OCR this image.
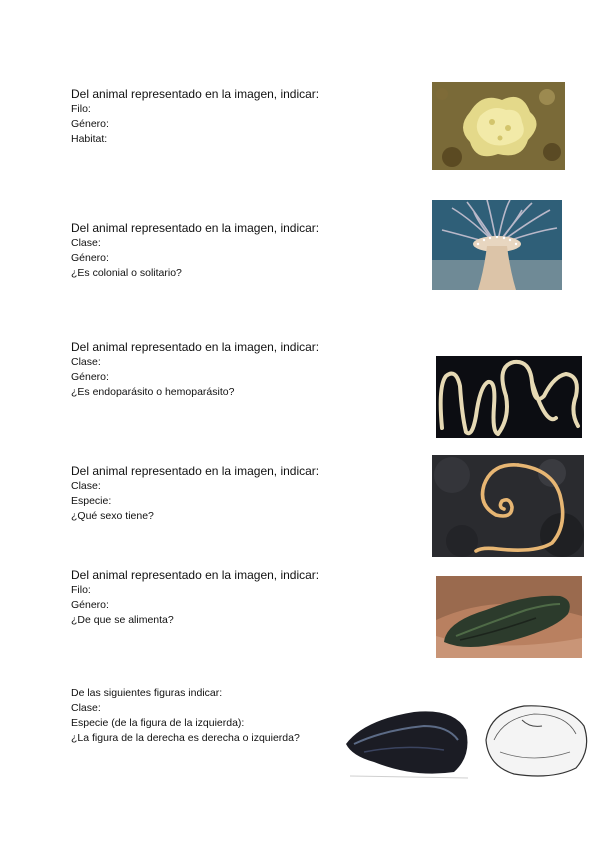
Del animal representado en la imagen, indicar:
Filo:
Género:
Habitat:
Del animal representado en la imagen, indicar:
Clase:
Género:
¿Es colonial o solitario?
Del animal representado en la imagen, indicar:
Clase:
Género:
¿Es endoparásito o hemoparásito?
Del animal representado en la imagen, indicar:
Clase:
Especie:
¿Qué sexo tiene?
Del animal representado en la imagen, indicar:
Filo:
Género:
¿De que se alimenta?
De las siguientes figuras indicar:
Clase:
Especie (de la figura de la izquierda):
¿La figura de la derecha es derecha o izquierda?
